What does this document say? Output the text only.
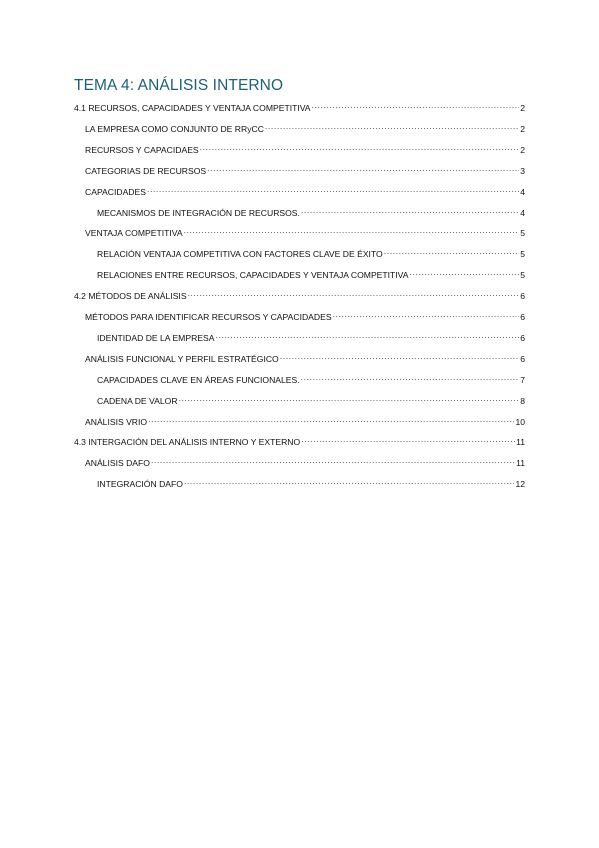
TEMA 4: ANÁLISIS INTERNO
4.1 RECURSOS, CAPACIDADES Y VENTAJA COMPETITIVA .....	2
LA EMPRESA COMO CONJUNTO DE RRyCC .....	2
RECURSOS Y CAPACIDAES .....	2
CATEGORIAS DE RECURSOS .....	3
CAPACIDADES .....	4
MECANISMOS DE INTEGRACIÓN DE RECURSOS. .....	4
VENTAJA COMPETITIVA .....	5
RELACIÓN VENTAJA COMPETITIVA CON FACTORES CLAVE DE ÉXITO .....	5
RELACIONES ENTRE RECURSOS, CAPACIDADES Y VENTAJA COMPETITIVA .....	5
4.2 MÉTODOS DE ANÁLISIS .....	6
MÉTODOS PARA IDENTIFICAR RECURSOS Y CAPACIDADES .....	6
IDENTIDAD DE LA EMPRESA .....	6
ANÁLISIS FUNCIONAL Y PERFIL ESTRATÉGICO .....	6
CAPACIDADES CLAVE EN ÁREAS FUNCIONALES. .....	7
CADENA DE VALOR .....	8
ANÁLISIS VRIO .....	10
4.3 INTERGACIÓN DEL ANÁLISIS INTERNO Y EXTERNO .....	11
ANÁLISIS DAFO .....	11
INTEGRACIÓN DAFO .....	12
